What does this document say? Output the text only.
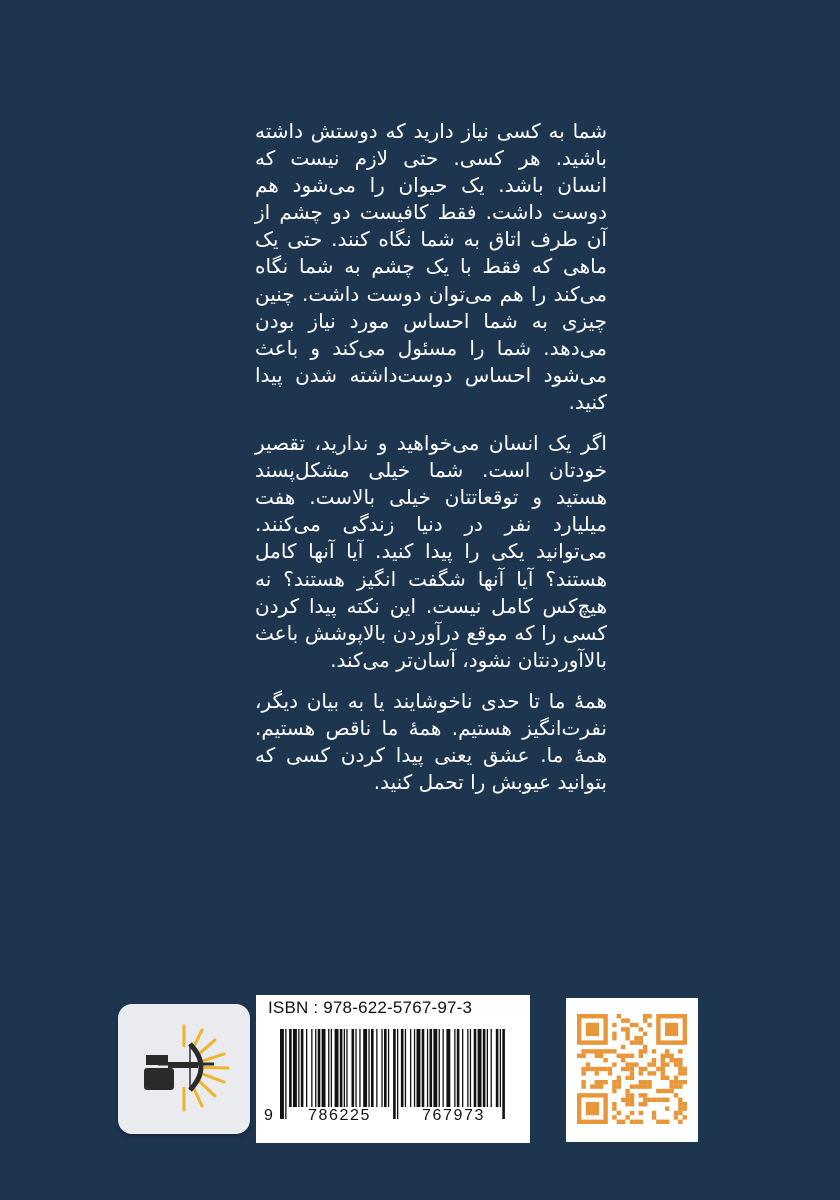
شما به کسی نیاز دارید که دوستش داشته باشید. هر کسی. حتی لازم نیست که انسان باشد. یک حیوان را می‌شود هم دوست داشت. فقط کافیست دو چشم از آن طرف اتاق به شما نگاه کنند. حتی یک ماهی که فقط با یک چشم به شما نگاه می‌کند را هم می‌توان دوست داشت. چنین چیزی به شما احساس مورد نیاز بودن می‌دهد. شما را مسئول می‌کند و باعث می‌شود احساس دوست‌داشته شدن پیدا کنید.

اگر یک انسان می‌خواهید و ندارید، تقصیر خودتان است. شما خیلی مشکل‌پسند هستید و توقعاتتان خیلی بالاست. هفت میلیارد نفر در دنیا زندگی می‌کنند. می‌توانید یکی را پیدا کنید. آیا آنها کامل هستند؟ آیا آنها شگفت انگیز هستند؟ نه هیچ‌کس کامل نیست. این نکته پیدا کردن کسی را که موقع درآوردن بالاپوشش باعث بالاآوردنتان نشود، آسان‌تر می‌کند.

همهٔ ما تا حدی ناخوشایند یا به بیان دیگر، نفرت‌انگیز هستیم. همهٔ ما ناقص هستیم. همهٔ ما. عشق یعنی پیدا کردن کسی که بتوانید عیوبش را تحمل کنید.

ISBN : 978-622-5767-97-3
9 786225	767973
